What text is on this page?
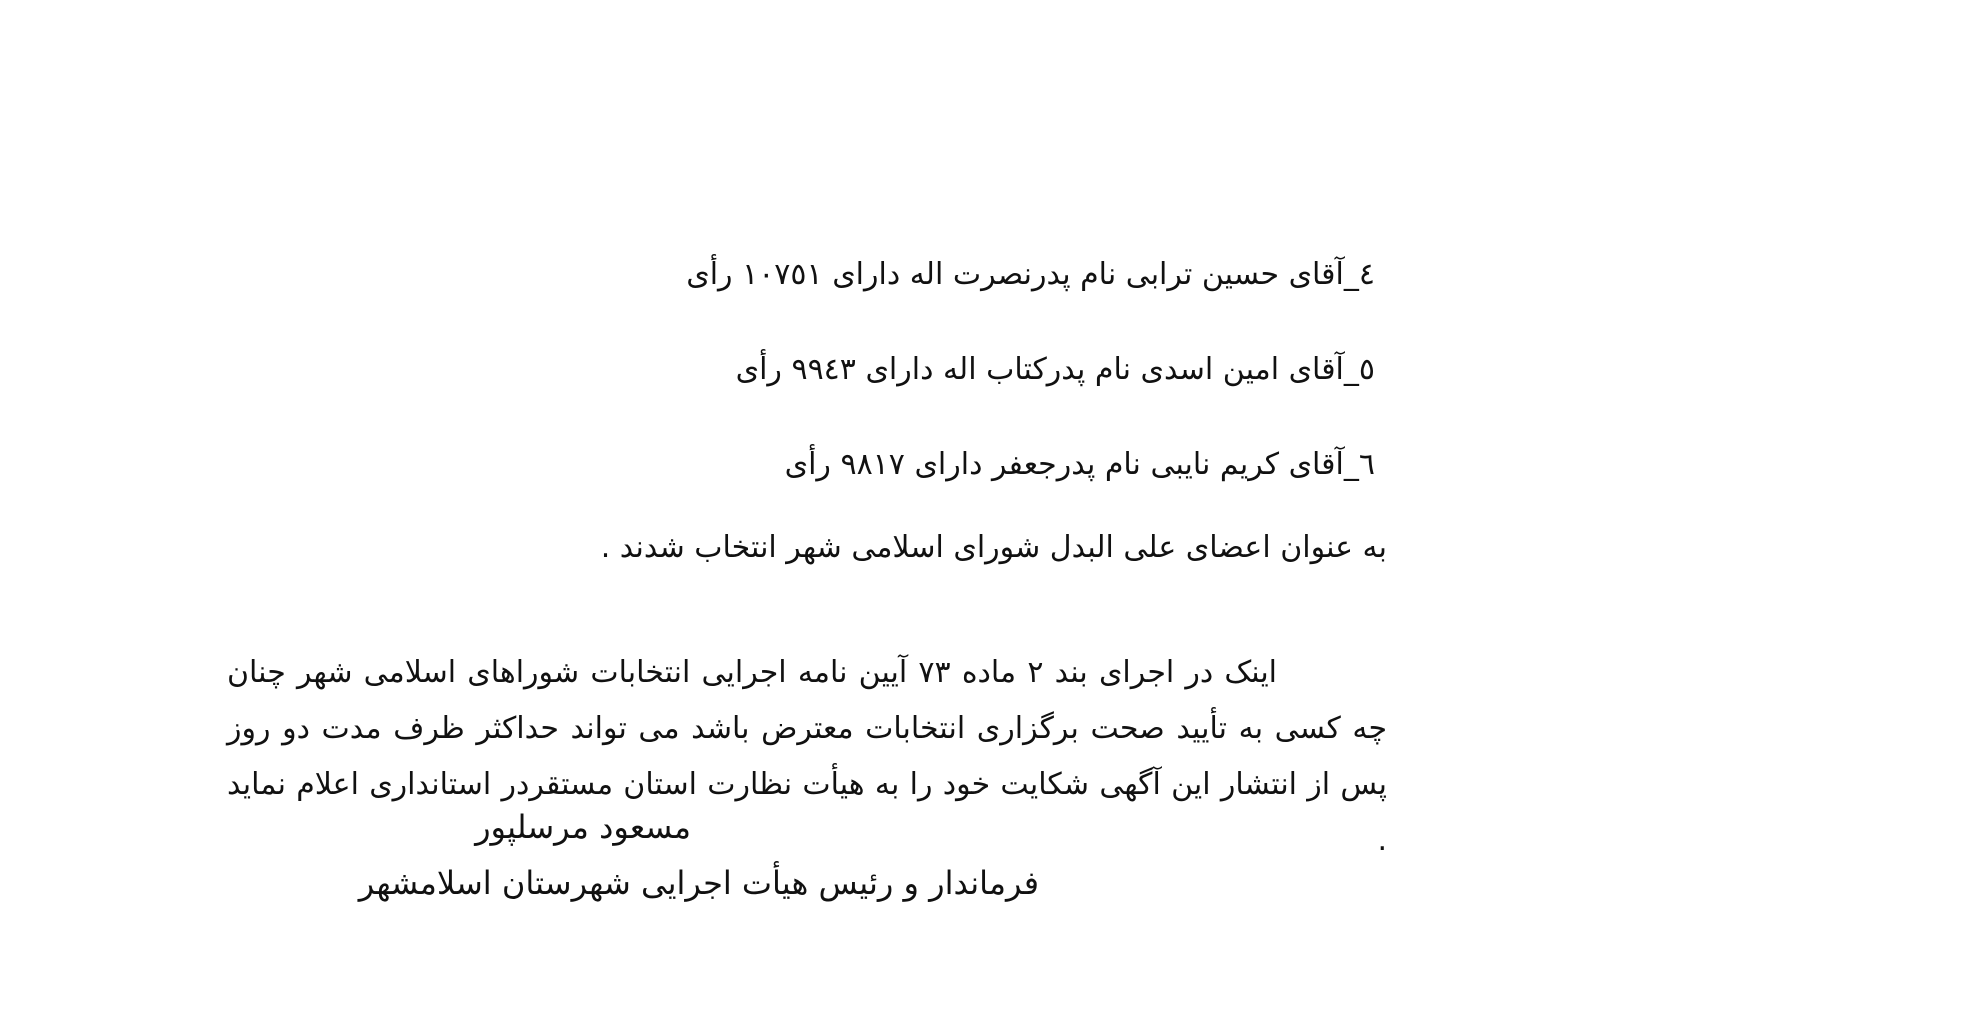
٤_آقای حسین ترابی نام پدرنصرت اله دارای ١٠٧٥١ رأی
٥_آقای امین اسدی نام پدرکتاب اله دارای ٩٩٤٣ رأی
٦_آقای کریم نایبی نام پدرجعفر دارای ٩٨١٧ رأی
به عنوان اعضای علی البدل شورای اسلامی شهر انتخاب شدند .

اینک در اجرای بند ٢ ماده ٧٣ آیین نامه اجرایی انتخابات شوراهای اسلامی شهر چنان چه کسی به تأیید صحت برگزاری انتخابات معترض باشد می تواند حداکثر ظرف مدت دو روز پس از انتشار این آگهی شکایت خود را به هیأت نظارت استان مستقردر استانداری اعلام نماید .

مسعود مرسلپور
فرماندار و رئیس هیأت اجرایی شهرستان اسلامشهر
